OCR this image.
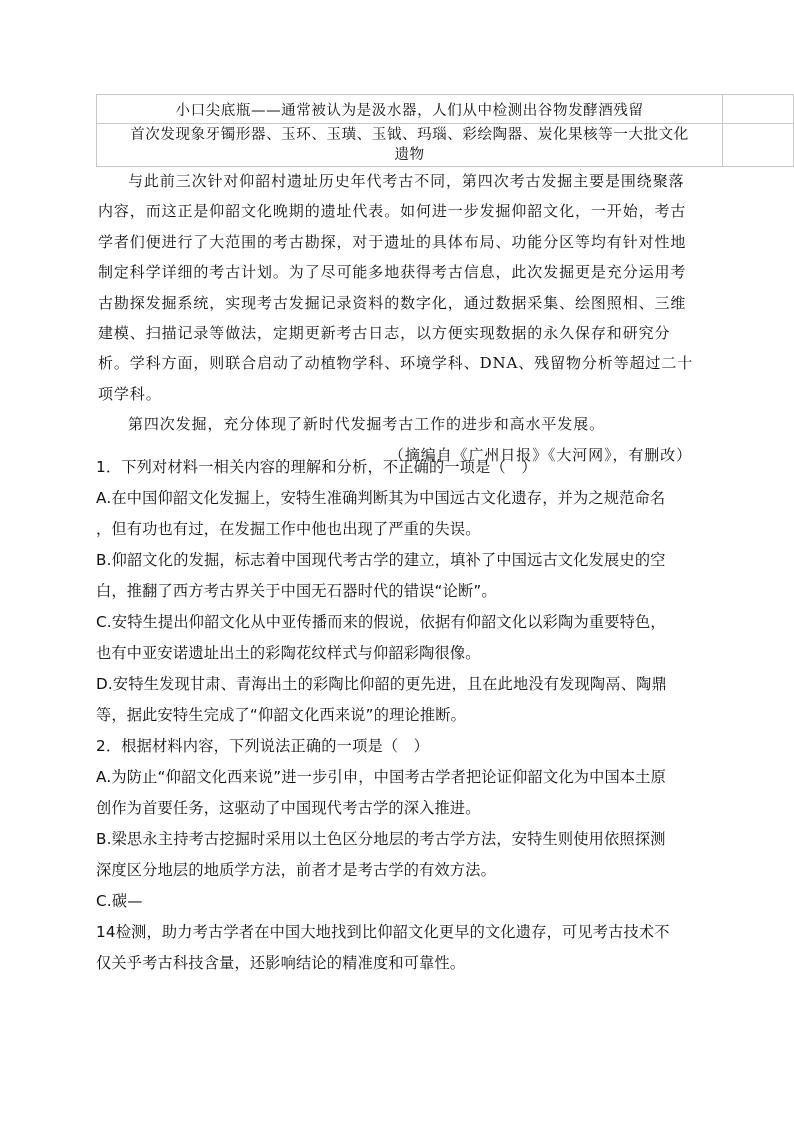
小口尖底瓶——通常被认为是汲水器，人们从中检测出谷物发酵酒残留	

首次发现象牙镯形器、玉环、玉璜、玉钺、玛瑙、彩绘陶器、炭化果核等一大批文化
遗物	

与此前三次针对仰韶村遗址历史年代考古不同，第四次考古发掘主要是围绕聚落内容，而这正是仰韶文化晚期的遗址代表。如何进一步发掘仰韶文化，一开始，考古学者们便进行了大范围的考古勘探，对于遗址的具体布局、功能分区等均有针对性地制定科学详细的考古计划。为了尽可能多地获得考古信息，此次发掘更是充分运用考古勘探发掘系统，实现考古发掘记录资料的数字化，通过数据采集、绘图照相、三维建模、扫描记录等做法，定期更新考古日志，以方便实现数据的永久保存和研究分析。学科方面，则联合启动了动植物学科、环境学科、DNA、残留物分析等超过二十项学科。

第四次发掘，充分体现了新时代发掘考古工作的进步和高水平发展。

（摘编自《广州日报》《大河网》，有删改）

1．下列对材料一相关内容的理解和分析，不正确的一项是（　）

A.在中国仰韶文化发掘上，安特生准确判断其为中国远古文化遗存，并为之规范命名

，但有功也有过，在发掘工作中他也出现了严重的失误。

B.仰韶文化的发掘，标志着中国现代考古学的建立，填补了中国远古文化发展史的空

白，推翻了西方考古界关于中国无石器时代的错误“论断”。

C.安特生提出仰韶文化从中亚传播而来的假说，依据有仰韶文化以彩陶为重要特色，

也有中亚安诺遗址出土的彩陶花纹样式与仰韶彩陶很像。

D.安特生发现甘肃、青海出土的彩陶比仰韶的更先进，且在此地没有发现陶鬲、陶鼎

等，据此安特生完成了“仰韶文化西来说”的理论推断。

2．根据材料内容，下列说法正确的一项是（　）

A.为防止“仰韶文化西来说”进一步引申，中国考古学者把论证仰韶文化为中国本土原

创作为首要任务，这驱动了中国现代考古学的深入推进。

B.梁思永主持考古挖掘时采用以土色区分地层的考古学方法，安特生则使用依照探测

深度区分地层的地质学方法，前者才是考古学的有效方法。

C.碳—

14检测，助力考古学者在中国大地找到比仰韶文化更早的文化遗存，可见考古技术不

仅关乎考古科技含量，还影响结论的精准度和可靠性。
